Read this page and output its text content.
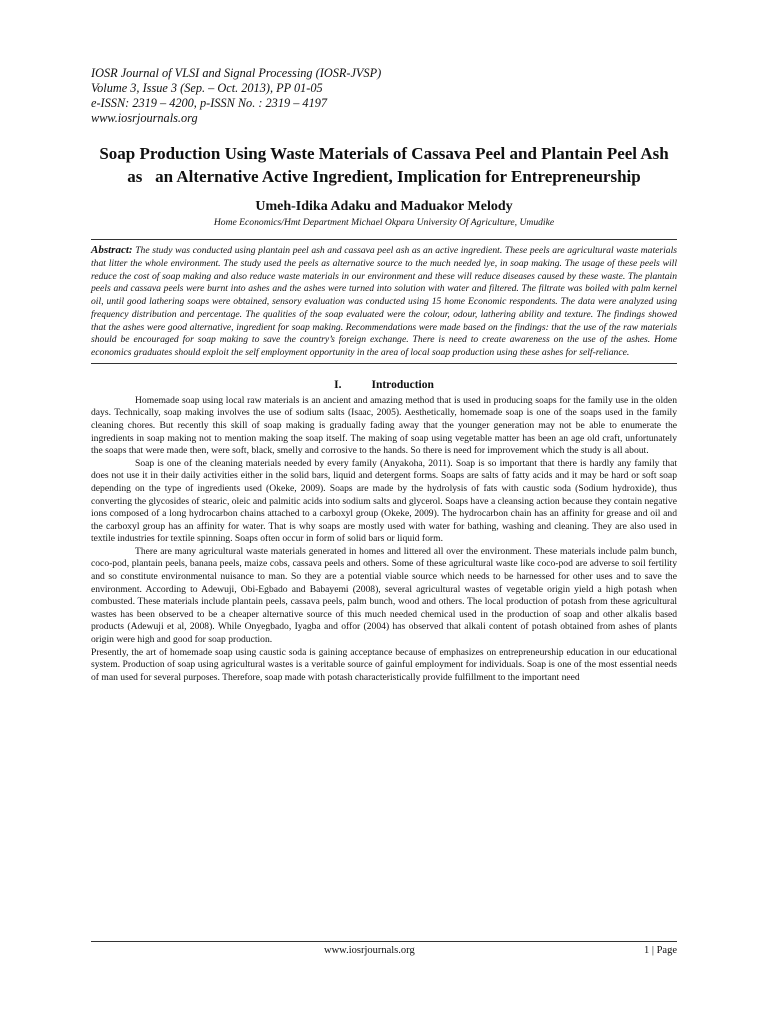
IOSR Journal of VLSI and Signal Processing (IOSR-JVSP)
Volume 3, Issue 3 (Sep. – Oct. 2013), PP 01-05
e-ISSN: 2319 – 4200, p-ISSN No. : 2319 – 4197
www.iosrjournals.org
Soap Production Using Waste Materials of Cassava Peel and Plantain Peel Ash as   an Alternative Active Ingredient, Implication for Entrepreneurship
Umeh-Idika Adaku and Maduakor Melody
Home Economics/Hmt Department Michael Okpara University Of Agriculture, Umudike
Abstract: The study was conducted using plantain peel ash and cassava peel ash as an active ingredient. These peels are agricultural waste materials that litter the whole environment. The study used the peels as alternative source to the much needed lye, in soap making. The usage of these peels will reduce the cost of soap making and also reduce waste materials in our environment and these will reduce diseases caused by these waste. The plantain peels and cassava peels were burnt into ashes and the ashes were turned into solution with water and filtered. The filtrate was boiled with palm kernel oil, until good lathering soaps were obtained, sensory evaluation was conducted using 15 home Economic respondents. The data were analyzed using frequency distribution and percentage. The qualities of the soap evaluated were the colour, odour, lathering ability and texture. The findings showed that the ashes were good alternative, ingredient for soap making. Recommendations were made based on the findings: that the use of the raw materials should be encouraged for soap making to save the country’s foreign exchange. There is need to create awareness on the use of the ashes. Home economics graduates should exploit the self employment opportunity in the area of local soap production using these ashes for self-reliance.
I.	Introduction

Homemade soap using local raw materials is an ancient and amazing method that is used in producing soaps for the family use in the olden days. Technically, soap making involves the use of sodium salts (Isaac, 2005). Aesthetically, homemade soap is one of the soaps used in the family cleaning chores. But recently this skill of soap making is gradually fading away that the younger generation may not be able to enumerate the ingredients in soap making not to mention making the soap itself. The making of soap using vegetable matter has been an age old craft, unfortunately the soaps that were made then, were soft, black, smelly and corrosive to the hands. So there is need for improvement which the study is all about.

Soap is one of the cleaning materials needed by every family (Anyakoha, 2011). Soap is so important that there is hardly any family that does not use it in their daily activities either in the solid bars, liquid and detergent forms. Soaps are salts of fatty acids and it may be hard or soft soap depending on the type of ingredients used (Okeke, 2009). Soaps are made by the hydrolysis of fats with caustic soda (Sodium hydroxide), thus converting the glycosides of stearic, oleic and palmitic acids into sodium salts and glycerol. Soaps have a cleansing action because they contain negative ions composed of a long hydrocarbon chains attached to a carboxyl group (Okeke, 2009). The hydrocarbon chain has an affinity for grease and oil and the carboxyl group has an affinity for water. That is why soaps are mostly used with water for bathing, washing and cleaning. They are also used in textile industries for textile spinning. Soaps often occur in form of solid bars or liquid form.

There are many agricultural waste materials generated in homes and littered all over the environment. These materials include palm bunch, coco-pod, plantain peels, banana peels, maize cobs, cassava peels and others. Some of these agricultural waste like coco-pod are adverse to soil fertility and so constitute environmental nuisance to man. So they are a potential viable source which needs to be harnessed for other uses and to save the environment. According to Adewuji, Obi-Egbado and Babayemi (2008), several agricultural wastes of vegetable origin yield a high potash when combusted. These materials include plantain peels, cassava peels, palm bunch, wood and others. The local production of potash from these agricultural wastes has been observed to be a cheaper alternative source of this much needed chemical used in the production of soap and other alkalis based products (Adewuji et al, 2008). While Onyegbado, Iyagba and offor (2004) has observed that alkali content of potash obtained from ashes of plants origin were high and good for soap production.

Presently, the art of homemade soap using caustic soda is gaining acceptance because of emphasizes on entrepreneurship education in our educational system. Production of soap using agricultural wastes is a veritable source of gainful employment for individuals. Soap is one of the most essential needs of man used for several purposes. Therefore, soap made with potash characteristically provide fulfillment to the important need

www.iosrjournals.org	1 | Page
